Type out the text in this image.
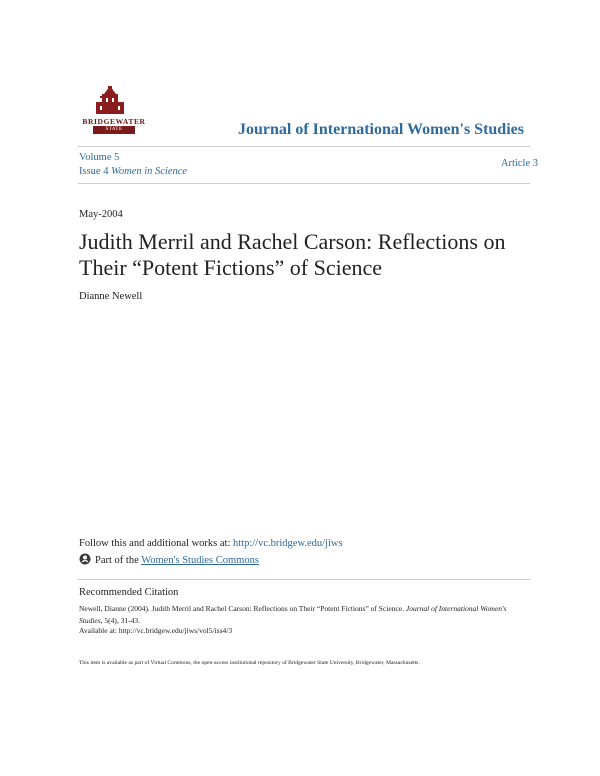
BRIDGEWATER
STATE UNIVERSITY	Journal of International Women's Studies
Volume 5
Issue 4 Women in Science
Article 3
May-2004
Judith Merril and Rachel Carson: Reflections on Their “Potent Fictions” of Science
Dianne Newell
Follow this and additional works at: http://vc.bridgew.edu/jiws
Part of the Women's Studies Commons
Recommended Citation
Newell, Dianne (2004). Judith Merril and Rachel Carson: Reflections on Their “Potent Fictions” of Science. Journal of International Women's Studies, 5(4), 31-43.
Available at: http://vc.bridgew.edu/jiws/vol5/iss4/3
This item is available as part of Virtual Commons, the open-access institutional repository of Bridgewater State University, Bridgewater, Massachusetts.
